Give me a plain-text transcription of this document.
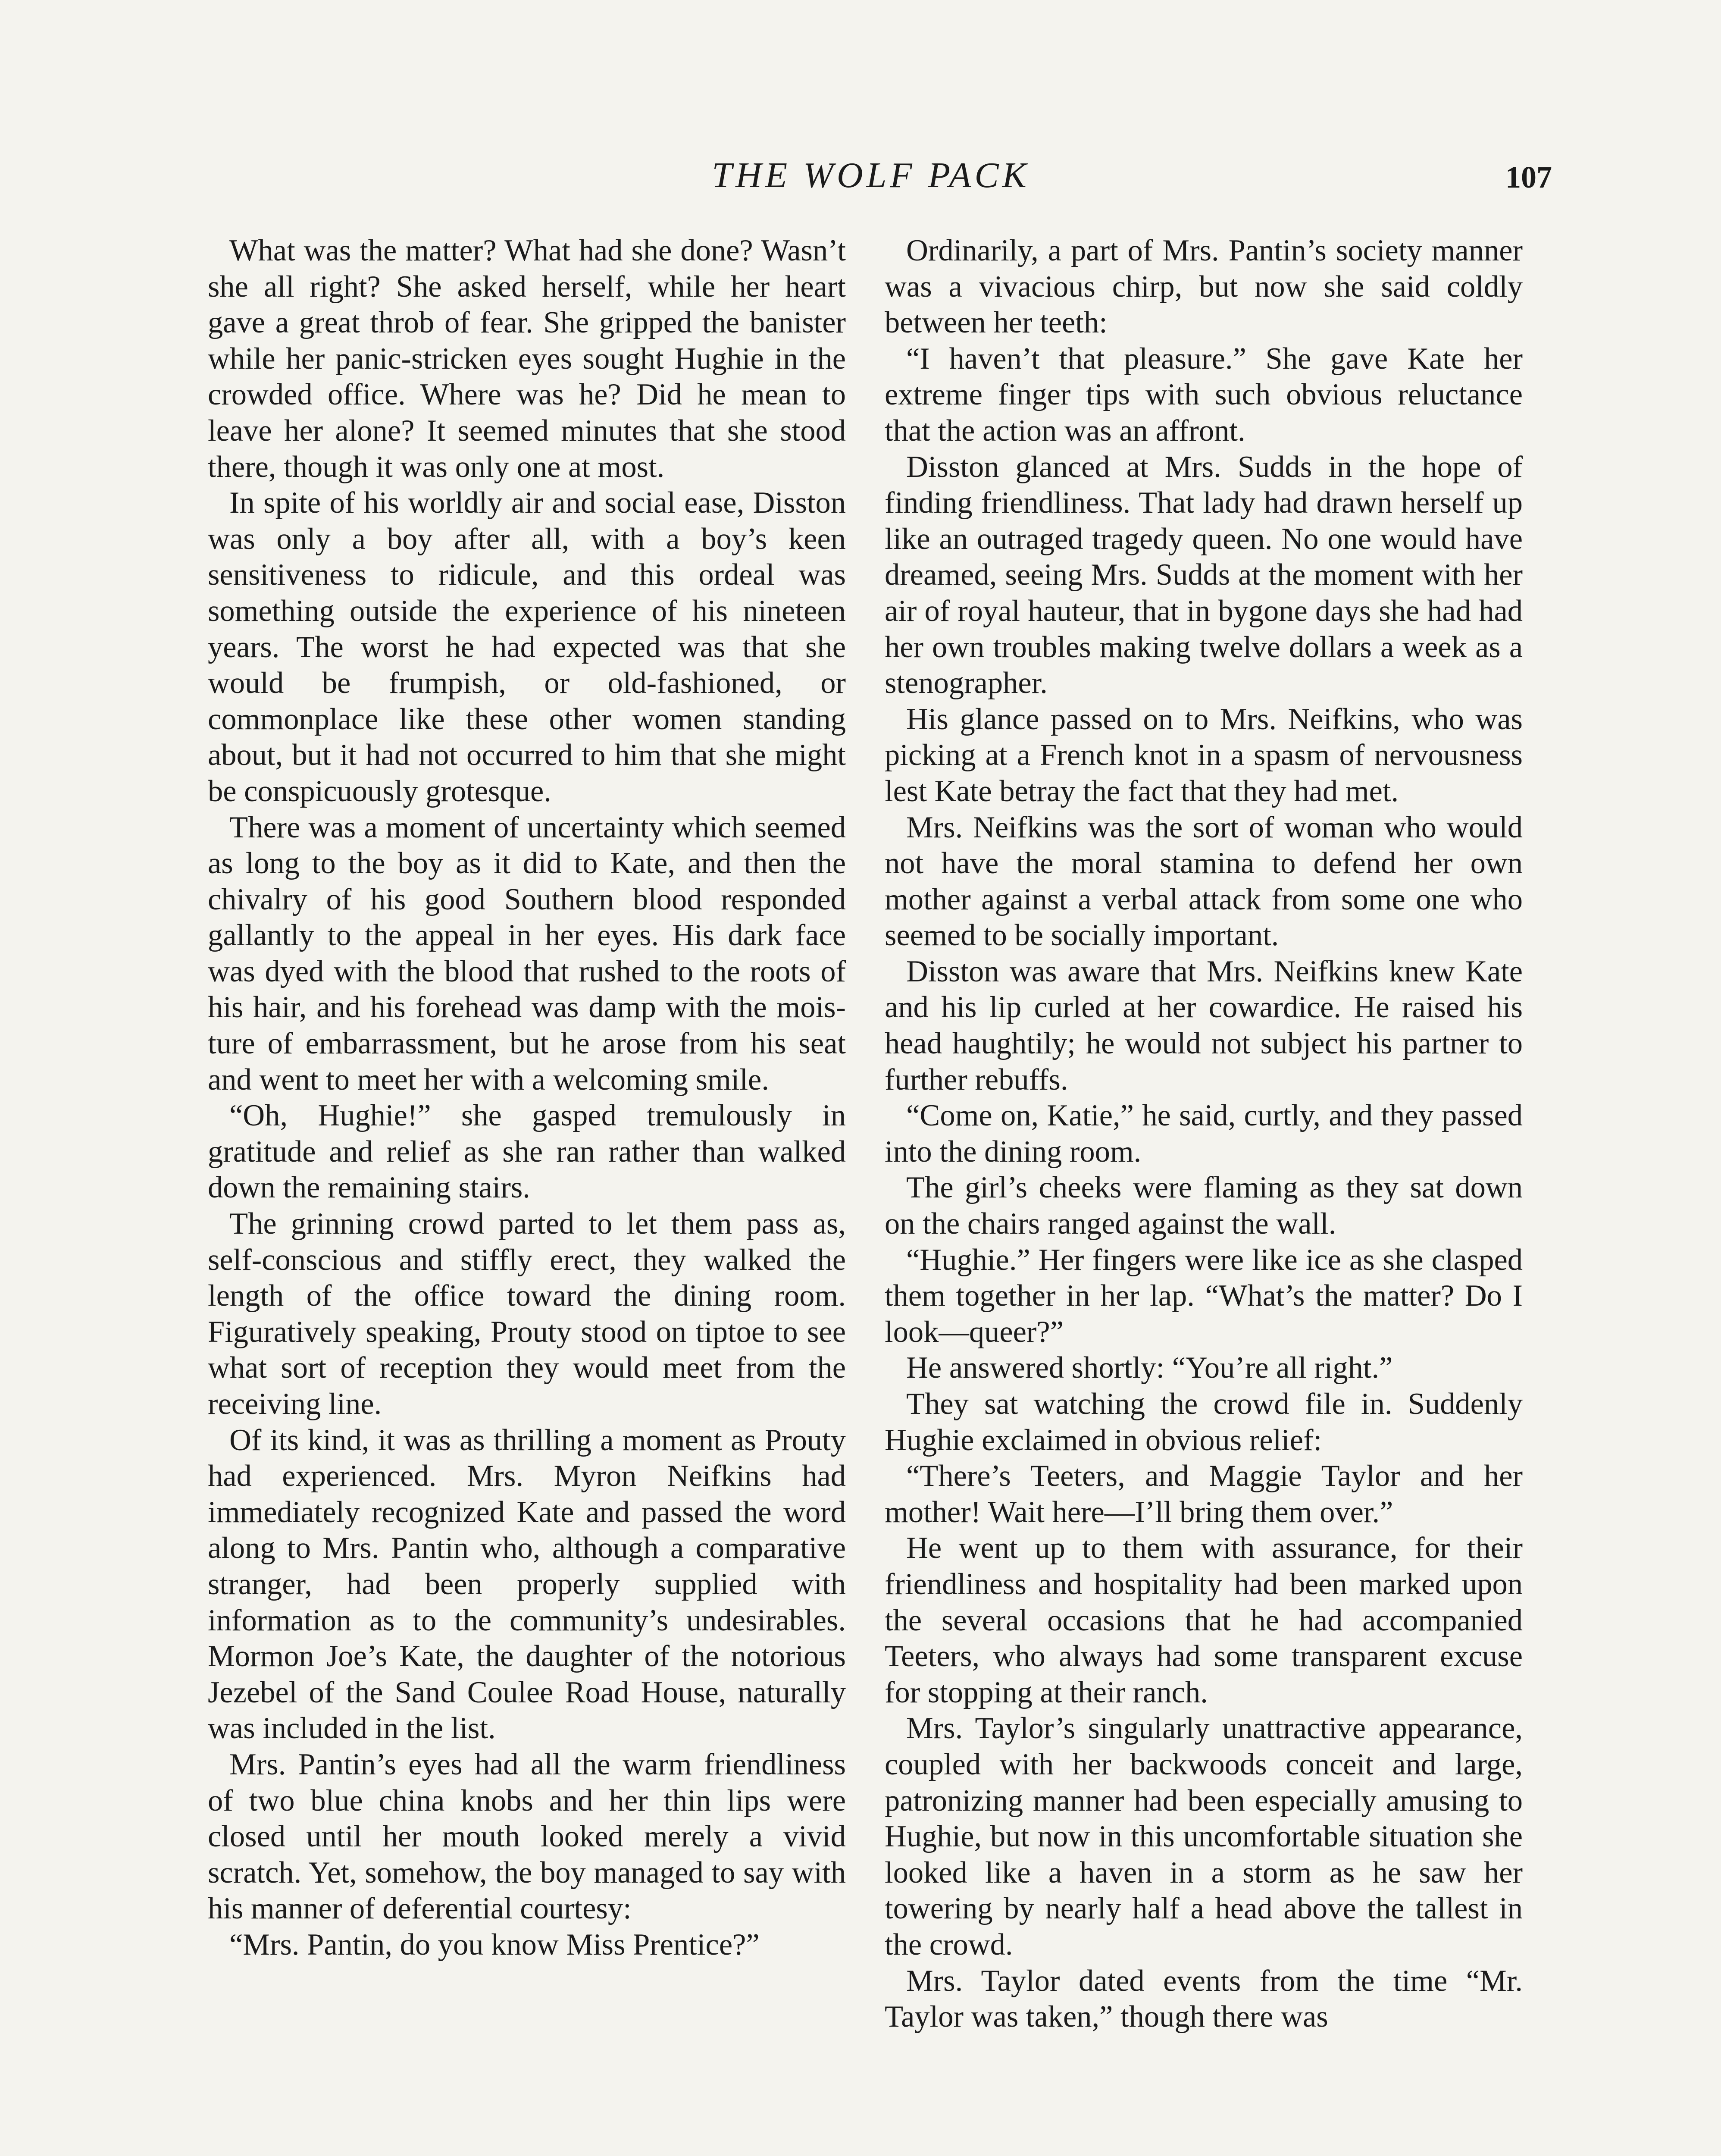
THE WOLF PACK	107

What was the matter? What had she done? Wasn’t she all right? She asked herself, while her heart gave a great throb of fear. She gripped the banister while her panic-stricken eyes sought Hughie in the crowded office. Where was he? Did he mean to leave her alone? It seemed minutes that she stood there, though it was only one at most.

In spite of his worldly air and social ease, Disston was only a boy after all, with a boy’s keen sensitiveness to ridicule, and this ordeal was something outside the experience of his nineteen years. The worst he had expected was that she would be frumpish, or old-fashioned, or commonplace like these other women standing about, but it had not occurred to him that she might be conspicuously grotesque.

There was a moment of uncertainty which seemed as long to the boy as it did to Kate, and then the chivalry of his good Southern blood responded gallantly to the appeal in her eyes. His dark face was dyed with the blood that rushed to the roots of his hair, and his forehead was damp with the moisture of embarrassment, but he arose from his seat and went to meet her with a welcoming smile.

“Oh, Hughie!” she gasped tremulously in gratitude and relief as she ran rather than walked down the remaining stairs.

The grinning crowd parted to let them pass as, self-conscious and stiffly erect, they walked the length of the office toward the dining room. Figuratively speaking, Prouty stood on tiptoe to see what sort of reception they would meet from the receiving line.

Of its kind, it was as thrilling a moment as Prouty had experienced. Mrs. Myron Neifkins had immediately recognized Kate and passed the word along to Mrs. Pantin who, although a comparative stranger, had been properly supplied with information as to the community’s undesirables. Mormon Joe’s Kate, the daughter of the notorious Jezebel of the Sand Coulee Road House, naturally was included in the list.

Mrs. Pantin’s eyes had all the warm friendliness of two blue china knobs and her thin lips were closed until her mouth looked merely a vivid scratch. Yet, somehow, the boy managed to say with his manner of deferential courtesy:

“Mrs. Pantin, do you know Miss Prentice?”

Ordinarily, a part of Mrs. Pantin’s society manner was a vivacious chirp, but now she said coldly between her teeth:

“I haven’t that pleasure.” She gave Kate her extreme finger tips with such obvious reluctance that the action was an affront.

Disston glanced at Mrs. Sudds in the hope of finding friendliness. That lady had drawn herself up like an outraged tragedy queen. No one would have dreamed, seeing Mrs. Sudds at the moment with her air of royal hauteur, that in bygone days she had had her own troubles making twelve dollars a week as a stenographer.

His glance passed on to Mrs. Neifkins, who was picking at a French knot in a spasm of nervousness lest Kate betray the fact that they had met.

Mrs. Neifkins was the sort of woman who would not have the moral stamina to defend her own mother against a verbal attack from some one who seemed to be socially important.

Disston was aware that Mrs. Neifkins knew Kate and his lip curled at her cowardice. He raised his head haughtily; he would not subject his partner to further rebuffs.

“Come on, Katie,” he said, curtly, and they passed into the dining room.

The girl’s cheeks were flaming as they sat down on the chairs ranged against the wall.

“Hughie.” Her fingers were like ice as she clasped them together in her lap. “What’s the matter? Do I look—queer?”

He answered shortly: “You’re all right.”

They sat watching the crowd file in. Suddenly Hughie exclaimed in obvious relief:

“There’s Teeters, and Maggie Taylor and her mother! Wait here—I’ll bring them over.”

He went up to them with assurance, for their friendliness and hospitality had been marked upon the several occasions that he had accompanied Teeters, who always had some transparent excuse for stopping at their ranch.

Mrs. Taylor’s singularly unattractive appearance, coupled with her backwoods conceit and large, patronizing manner had been especially amusing to Hughie, but now in this uncomfortable situation she looked like a haven in a storm as he saw her towering by nearly half a head above the tallest in the crowd.

Mrs. Taylor dated events from the time “Mr. Taylor was taken,” though there was
